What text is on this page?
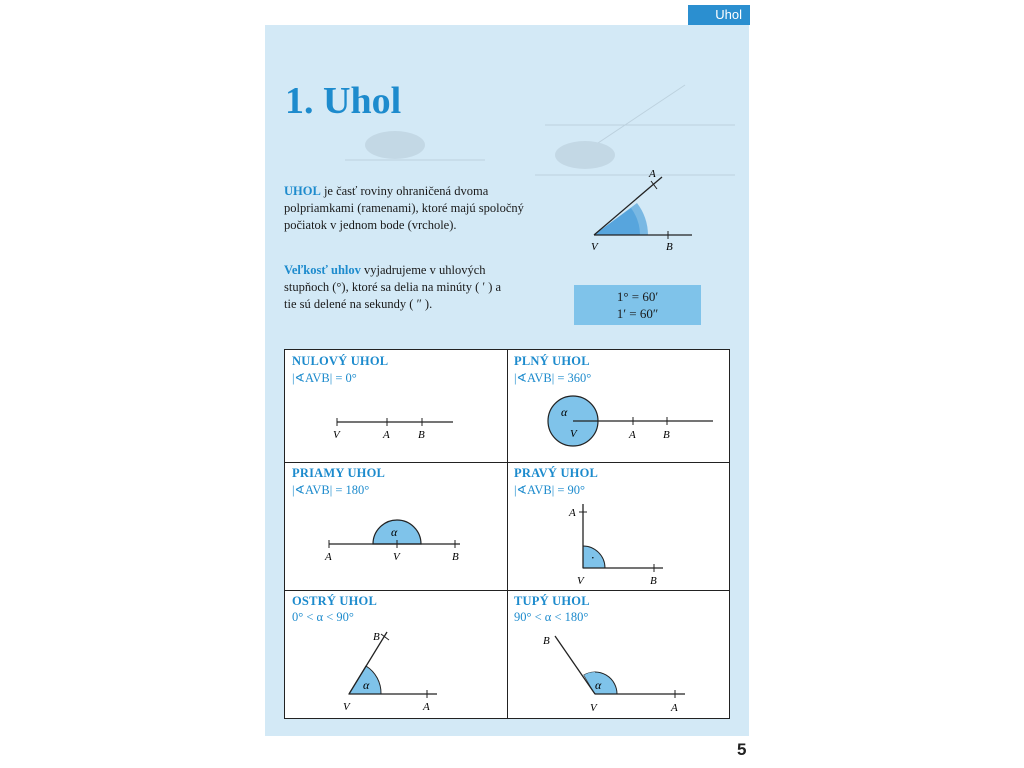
Uhol
1. Uhol

UHOL je časť roviny ohraničená dvoma polpriamkami (ramenami), ktoré majú spoločný počiatok v jednom bode (vrchole).

Veľkosť uhlov vyjadrujeme v uhlových stupňoch (°), ktoré sa delia na minúty ( ′ ) a tie sú delené na sekundy ( ″ ).

A
V	B
1° = 60′
1′ = 60″
NULOVÝ UHOL
|∢AVB| = 0°
V	A	B
PLNÝ UHOL
|∢AVB| = 360°
α
V	A B
PRIAMY UHOL
|∢AVB| = 180°
α
A	V	B
PRAVÝ UHOL
|∢AVB| = 90°
·
A
V	B
OSTRÝ UHOL
0° < α < 90°
B
α
V	A
TUPÝ UHOL
90° < α < 180°
B
α
V	A
5
